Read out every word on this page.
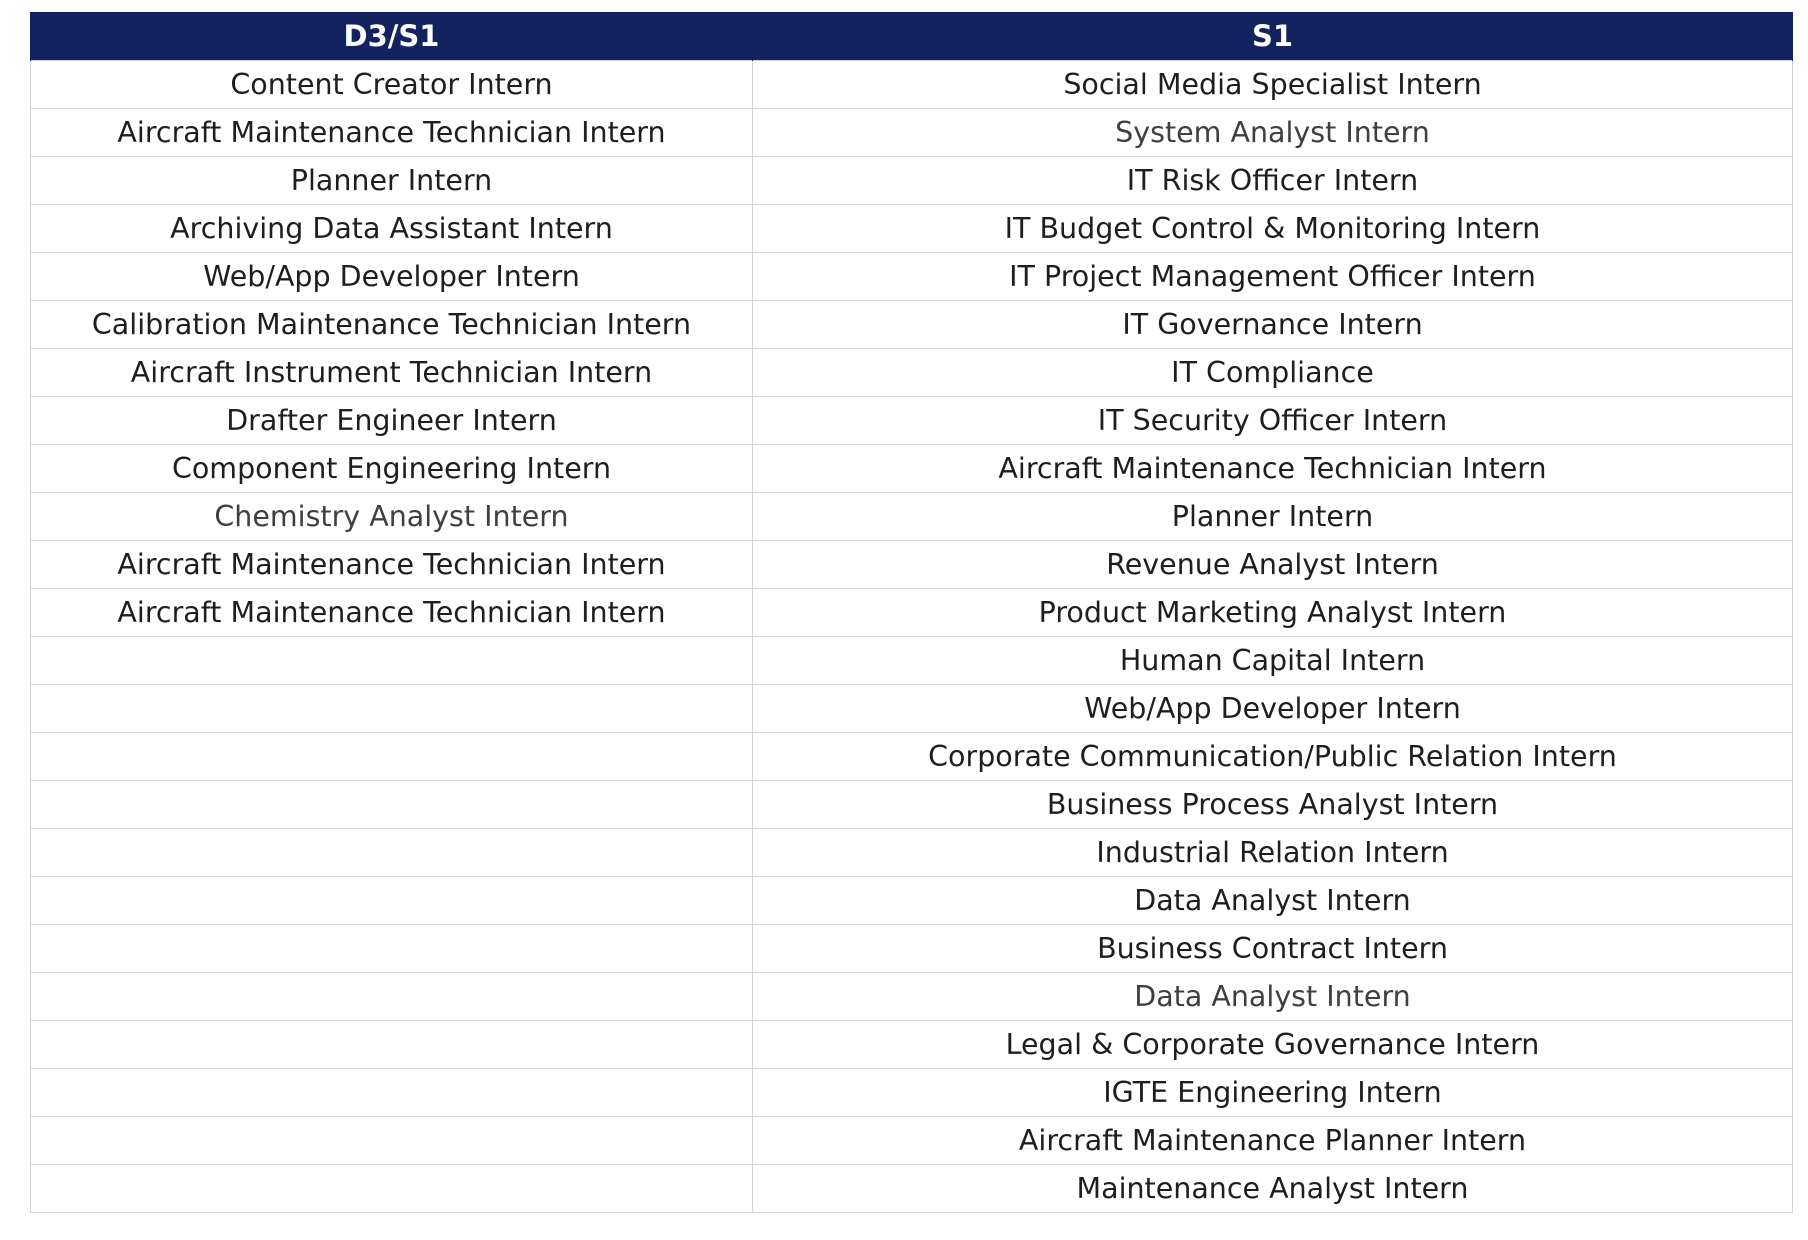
D3/S1	S1
Content Creator Intern	Social Media Specialist Intern
Aircraft Maintenance Technician Intern	System Analyst Intern
Planner Intern	IT Risk Officer Intern
Archiving Data Assistant Intern	IT Budget Control & Monitoring Intern
Web/App Developer Intern	IT Project Management Officer Intern
Calibration Maintenance Technician Intern	IT Governance Intern
Aircraft Instrument Technician Intern	IT Compliance
Drafter Engineer Intern	IT Security Officer Intern
Component Engineering Intern	Aircraft Maintenance Technician Intern
Chemistry Analyst Intern	Planner Intern
Aircraft Maintenance Technician Intern	Revenue Analyst Intern
Aircraft Maintenance Technician Intern	Product Marketing Analyst Intern
	Human Capital Intern
	Web/App Developer Intern
	Corporate Communication/Public Relation Intern
	Business Process Analyst Intern
	Industrial Relation Intern
	Data Analyst Intern
	Business Contract Intern
	Data Analyst Intern
	Legal & Corporate Governance Intern
	IGTE Engineering Intern
	Aircraft Maintenance Planner Intern
	Maintenance Analyst Intern
